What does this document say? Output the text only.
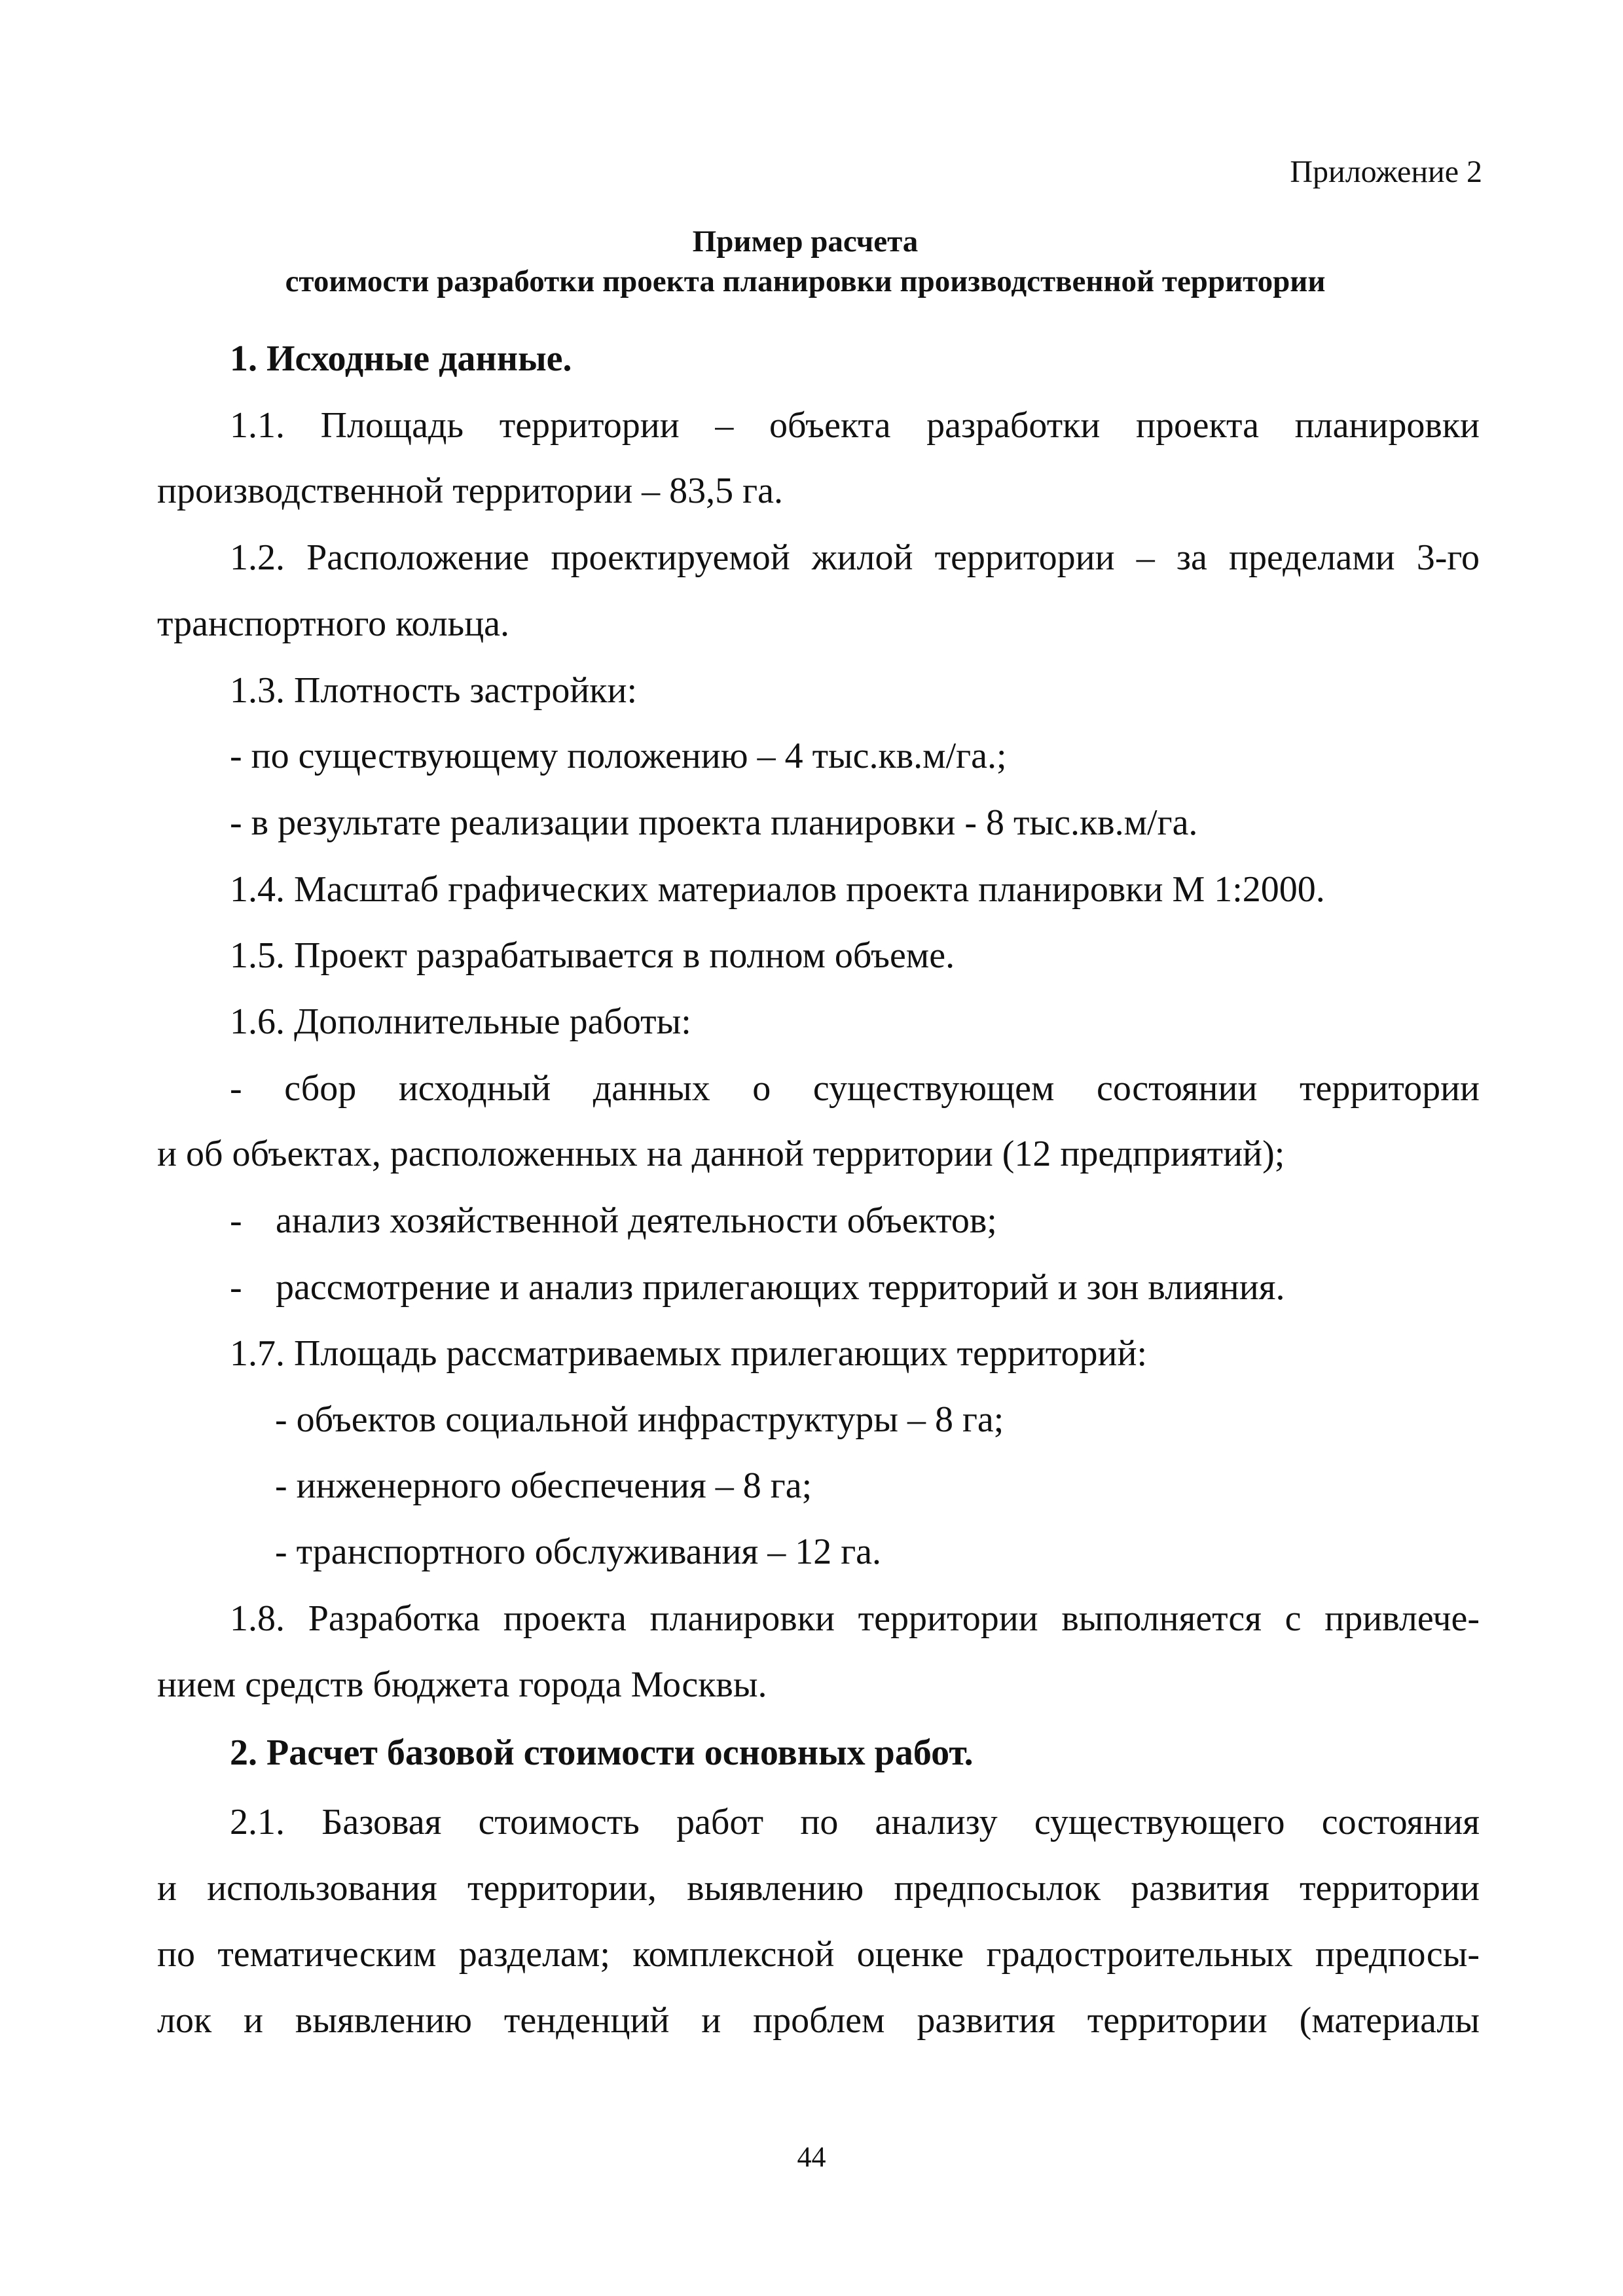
Приложение 2
Пример расчета
стоимости разработки проекта планировки производственной территории
1. Исходные данные.
1.1. Площадь территории – объекта разработки проекта планировки
производственной территории – 83,5 га.
1.2. Расположение проектируемой жилой территории – за пределами 3-го
транспортного кольца.
1.3. Плотность застройки:
- по существующему положению – 4 тыс.кв.м/га.;
- в результате реализации проекта планировки - 8 тыс.кв.м/га.
1.4. Масштаб графических материалов проекта планировки М 1:2000.
1.5. Проект разрабатывается в полном объеме.
1.6. Дополнительные работы:
- сбор исходный данных о существующем состоянии территории
и об объектах, расположенных на данной территории (12 предприятий);
- анализ хозяйственной деятельности объектов;
- рассмотрение и анализ прилегающих территорий и зон влияния.
1.7. Площадь рассматриваемых прилегающих территорий:
- объектов социальной инфраструктуры – 8 га;
- инженерного обеспечения – 8 га;
- транспортного обслуживания – 12 га.
1.8. Разработка проекта планировки территории выполняется с привлече-
нием средств бюджета города Москвы.
2. Расчет базовой стоимости основных работ.
2.1. Базовая стоимость работ по анализу существующего состояния
и использования территории, выявлению предпосылок развития территории
по тематическим разделам; комплексной оценке градостроительных предпосы-
лок и выявлению тенденций и проблем развития территории (материалы
44
